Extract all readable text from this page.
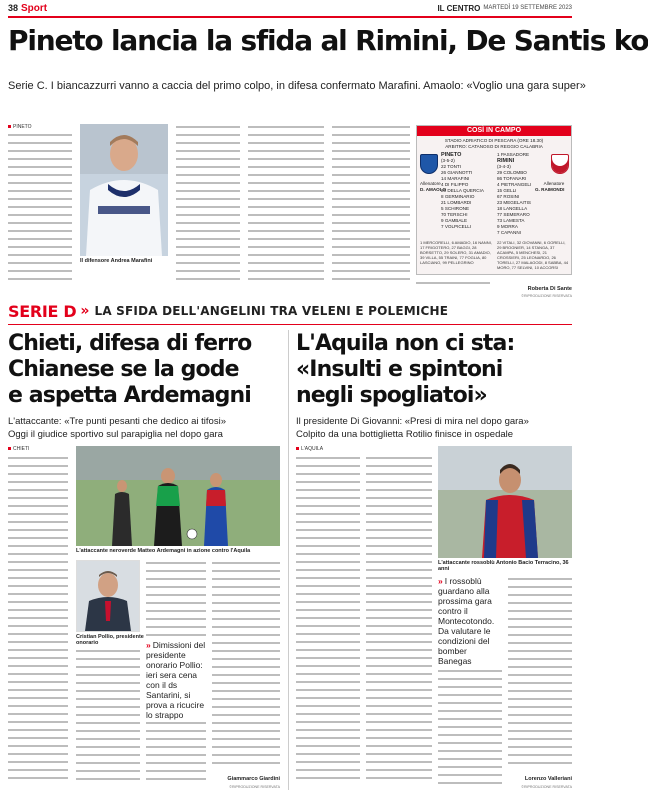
38 Sport	IL CENTRO MARTEDÌ 19 SETTEMBRE 2023
Pineto lancia la sfida al Rimini, De Santis ko
Serie C. I biancazzurri vanno a caccia del primo colpo, in difesa confermato Marafini. Amaolo: «Voglio una gara super»
PINETO
Il difensore Andrea Marafini
COSÌ IN CAMPO
STADIO ADRIATICO DI PESCARA (ORE 18.30)
ARBITRO: CATANOSO DI REGGIO CALABRIA
PINETO
(3-5-2)
22 TONTI
26 GIANNOTTI
14 MARAFINI
4 DI FILIPPO
20 DELLA QUERCIA
8 GERMINARIO
21 LOMBARDI
5 SCHIRONE
70 TERSCHI
9 GAMBALE
7 VOLPICELLI
Allenatore
D. AMAOLO
1 PASSADORE
RIMINI
(3-4-3)
29 COLOMBO
86 TOFANARI
4 PIETRANGELI
15 GELLI
67 ROSINI
23 MEGELAITIS
18 LANGELLA
77 SEMERARO
73 LAMESTA
9 MORRA
7 CAPANNI
Allenatore
G. RAIMONDI
1 MERCORELLI, 6 AMADIO, 16 NANNI, 17 FRIGOTERO, 27 BAGGI, 28 BORSETTO, 29 SOLERO, 31 AMADIO, 39 VILLA, 55 TRAINI, 77 FOGLIA, 80 LASCIANO, 99 PELLEGRINO
22 VITALI, 32 GIOVANNI, 6 GORELLI, 29 BROGNIER, 14 STANGA, 37 ACAMPA, 5 MENCHESI, 21 CROSSIERI, 25 LEONARDO, 26 TORELLI, 27 MALAGODI, 8 SABBA, 44 MORO, 77 SELVINI, 10 ACCORSI
Roberta Di Sante
©RIPRODUZIONE RISERVATA
SERIE D » LA SFIDA DELL'ANGELINI TRA VELENI E POLEMICHE
Chieti, difesa di ferro
Chianese se la gode
e aspetta Ardemagni
L'attaccante: «Tre punti pesanti che dedico ai tifosi»
Oggi il giudice sportivo sul parapiglia nel dopo gara
CHIETI
L'attaccante neroverde Matteo Ardemagni in azione contro l'Aquila
Giammarco Giardini
©RIPRODUZIONE RISERVATA
L'Aquila non ci sta:
«Insulti e spintoni
negli spogliatoi»
Il presidente Di Giovanni: «Presi di mira nel dopo gara»
Colpito da una bottiglietta Rotilio finisce in ospedale
L'AQUILA
L'attaccante rossoblù Antonio Bacio Terracino, 36 anni
» I rossoblù guardano alla prossima gara contro il Montecotondo. Da valutare le condizioni del bomber Banegas
Lorenzo Valleriani
©RIPRODUZIONE RISERVATA
Cristian Pollio, presidente onorario	» Dimissioni del presidente onorario Pollio: ieri sera cena con il ds Santarini, si prova a ricucire lo strappo
